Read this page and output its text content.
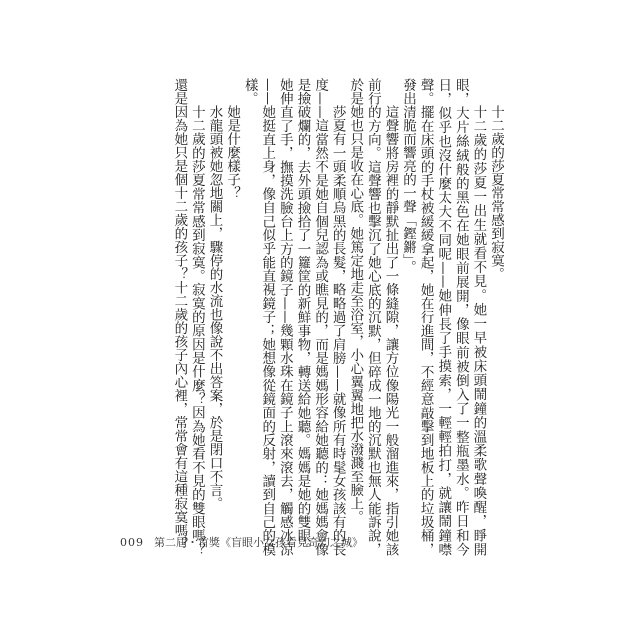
十二歲的莎夏常常感到寂寞。

十二歲的莎夏一出生就看不見。她一早被床頭鬧鐘的溫柔歌聲喚醒，睜開眼，大片絲絨般的黑色在她眼前展開，像眼前被倒入了一整瓶墨水。昨日和今日，似乎也沒什麼太大不同呢——她伸長了手摸索，一輕輕拍打，就讓鬧鐘噤聲。擺在床頭的手杖被緩緩拿起，她在行進間，不經意敲擊到地板上的垃圾桶，發出清脆而響亮的一聲「鏗鏘」。

這聲響將房裡的靜默扯出了一條縫隙，讓方位像陽光一般溜進來，指引她該前行的方向。這聲響也擊沉了她心底的沉默，但碎成一地的沉默也無人能訴說，於是她也只是收在心底。她篤定地走至浴室，小心翼翼地把水潑濺至臉上。

莎夏有一頭柔順烏黑的長髮，略略過了肩膀——就像所有時髦女孩該有的長度——這當然不是她自個兒認為或瞧見的，而是媽媽形容給她聽的：她媽媽會像是撿破爛的，去外頭撿拾了一籮筐的新鮮事物，轉送給她聽。媽媽是她的雙眼。她伸直了手，撫摸洗臉台上方的鏡子——幾顆水珠在鏡子上滾來滾去，觸感冰涼——她挺直上身，像自己似乎能直視鏡子；她想像從鏡面的反射，讀到自己的模樣。

她是什麼樣子？

水龍頭被她忽地關上，驟停的水流也像說不出答案，於是閉口不言。

十二歲的莎夏常常感到寂寞。寂寞的原因是什麼？因為她看不見的雙眼嗎？還是因為她只是個十二歲的孩子？十二歲的孩子內心裡，常常會有這種寂寞嗎？

009 第二屆・首獎《盲眼小女孩看見奇幻之城》
